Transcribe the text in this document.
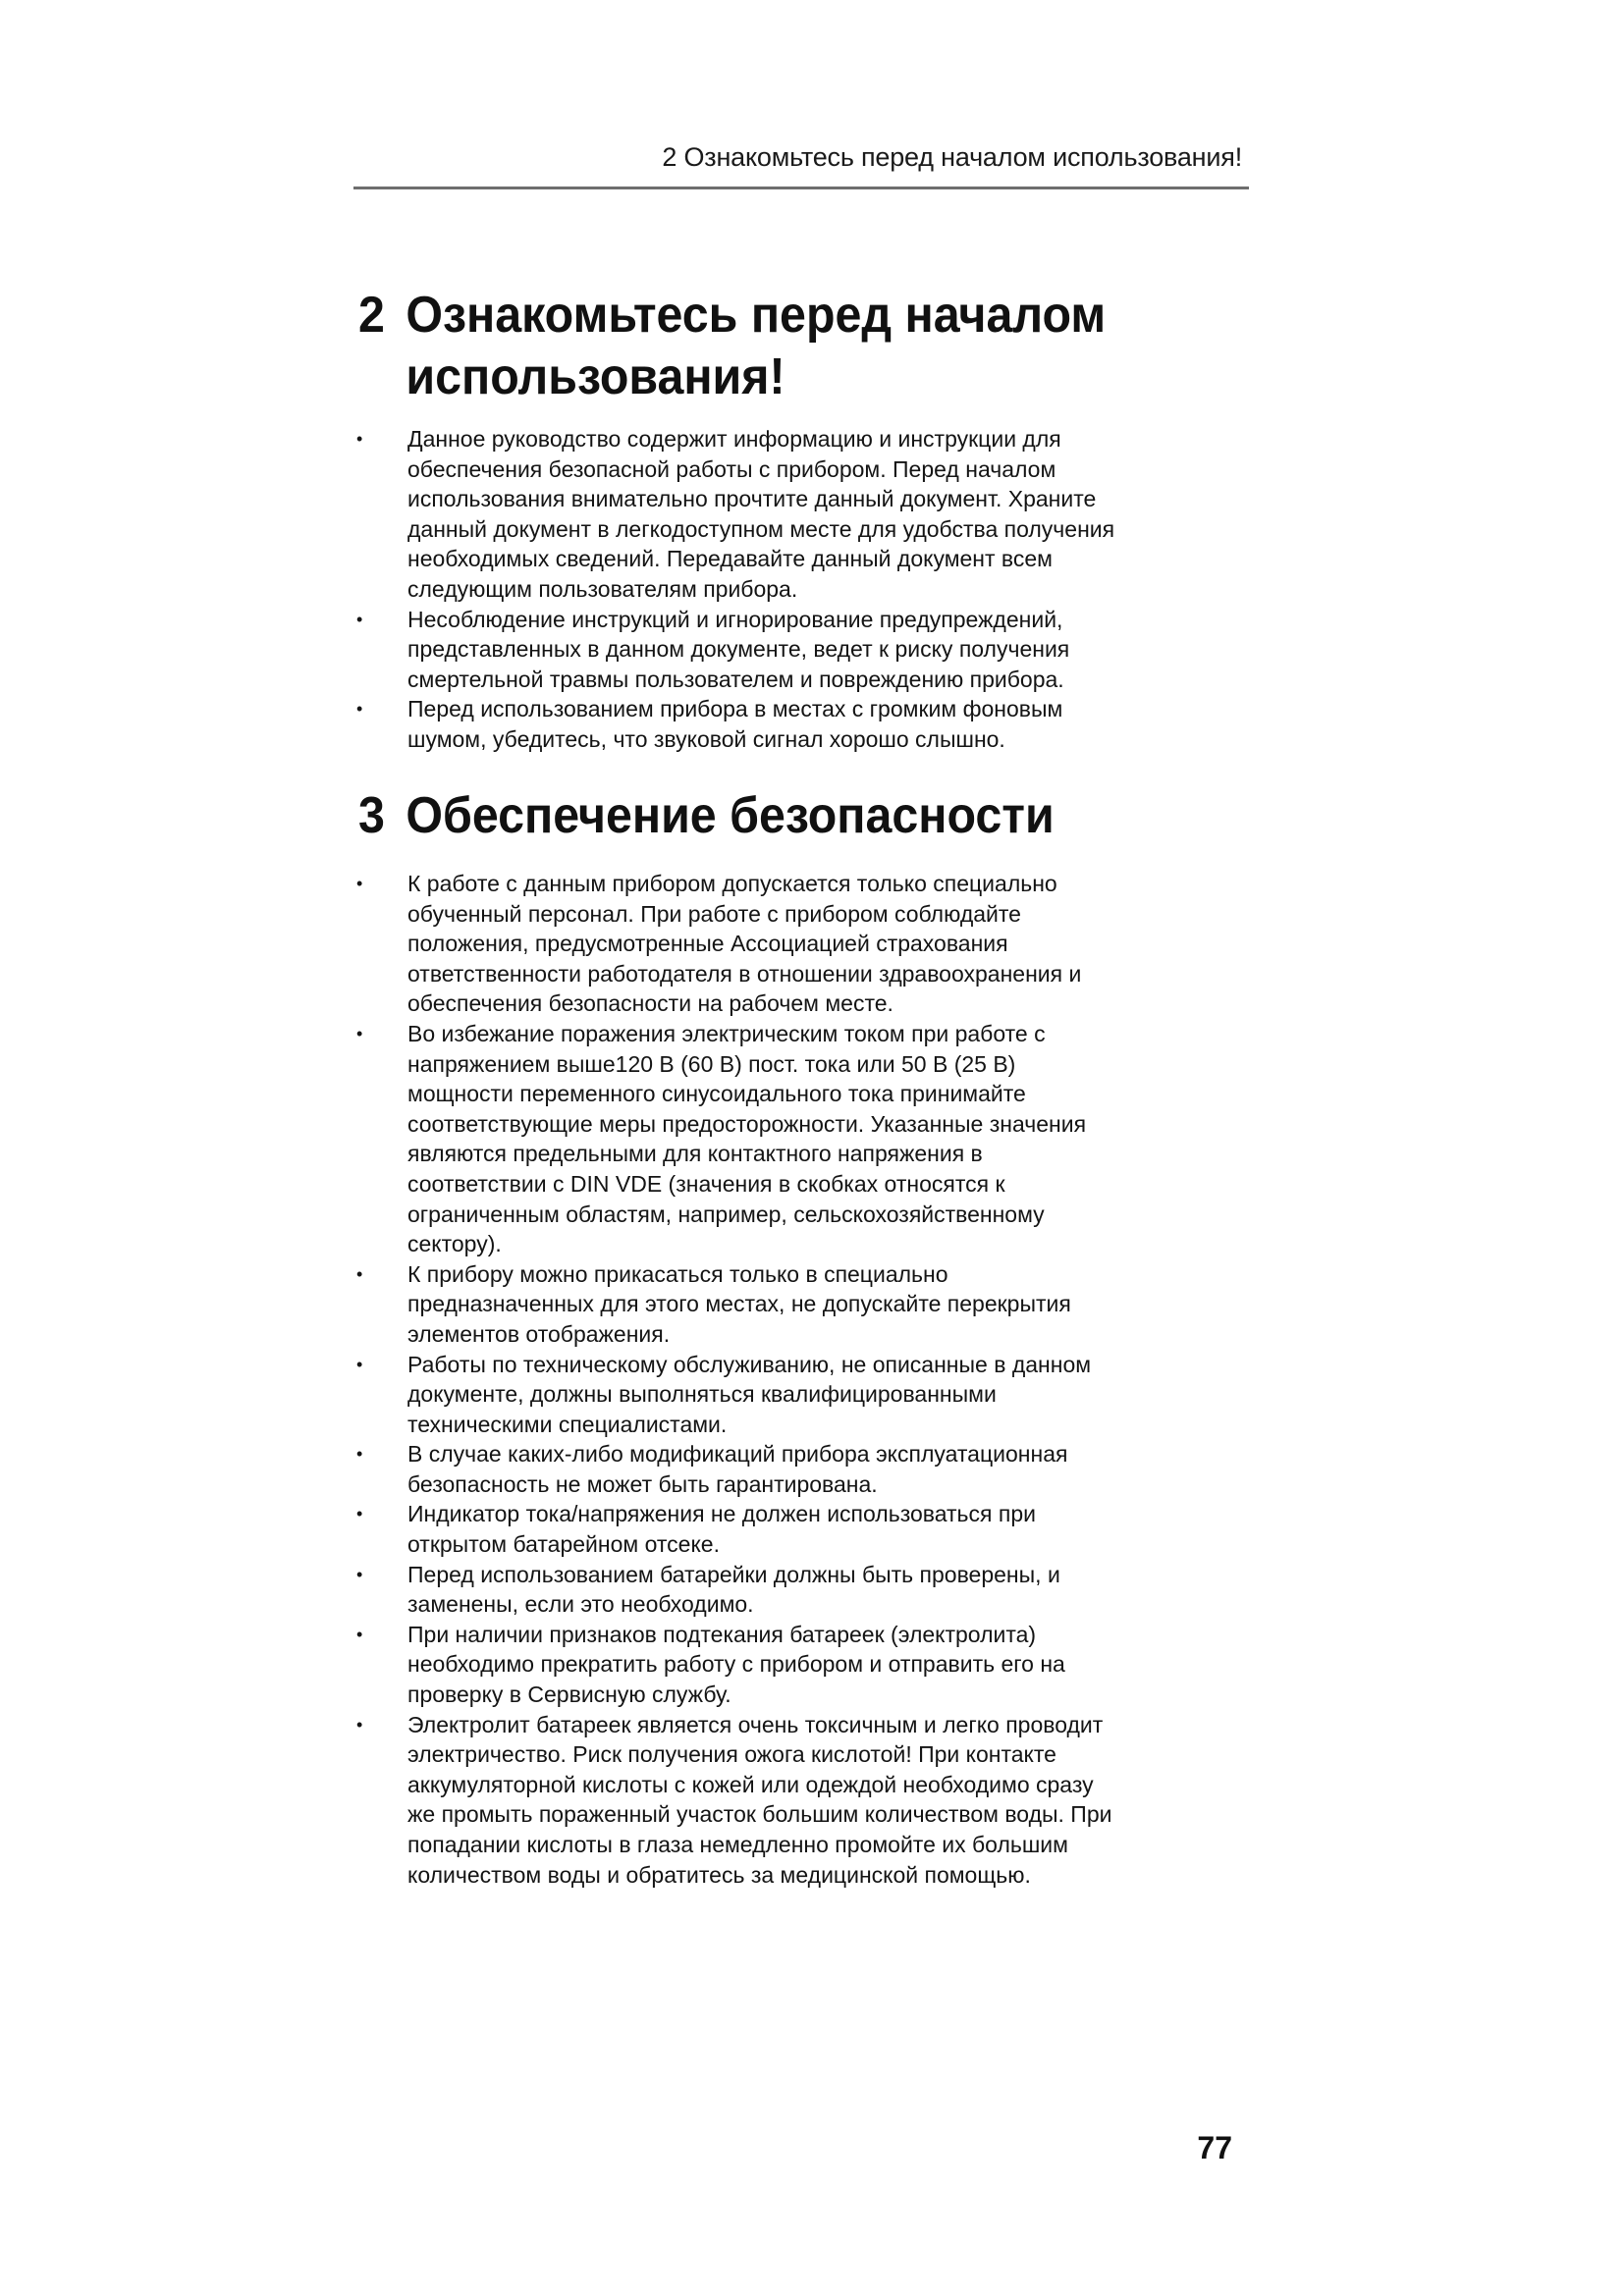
2 Ознакомьтесь перед началом использования!
2 Ознакомьтесь перед началом
использования!
• Данное руководство содержит информацию и инструкции для
обеспечения безопасной работы с прибором. Перед началом
использования внимательно прочтите данный документ. Храните
данный документ в легкодоступном месте для удобства получения
необходимых сведений. Передавайте данный документ всем
следующим пользователям прибора.
• Несоблюдение инструкций и игнорирование предупреждений,
представленных в данном документе, ведет к риску получения
смертельной травмы пользователем и повреждению прибора.
• Перед использованием прибора в местах с громким фоновым
шумом, убедитесь, что звуковой сигнал хорошо слышно.
3 Обеспечение безопасности
• К работе с данным прибором допускается только специально
обученный персонал. При работе с прибором соблюдайте
положения, предусмотренные Ассоциацией страхования
ответственности работодателя в отношении здравоохранения и
обеспечения безопасности на рабочем месте.
• Во избежание поражения электрическим током при работе с
напряжением выше120 В (60 В) пост. тока или 50 В (25 В)
мощности переменного синусоидального тока принимайте
соответствующие меры предосторожности. Указанные значения
являются предельными для контактного напряжения в
соответствии с DIN VDE (значения в скобках относятся к
ограниченным областям, например, сельскохозяйственному
сектору).
• К прибору можно прикасаться только в специально
предназначенных для этого местах, не допускайте перекрытия
элементов отображения.
• Работы по техническому обслуживанию, не описанные в данном
документе, должны выполняться квалифицированными
техническими специалистами.
• В случае каких-либо модификаций прибора эксплуатационная
безопасность не может быть гарантирована.
• Индикатор тока/напряжения не должен использоваться при
открытом батарейном отсеке.
• Перед использованием батарейки должны быть проверены, и
заменены, если это необходимо.
• При наличии признаков подтекания батареек (электролита)
необходимо прекратить работу с прибором и отправить его на
проверку в Сервисную службу.
• Электролит батареек является очень токсичным и легко проводит
электричество. Риск получения ожога кислотой! При контакте
аккумуляторной кислоты с кожей или одеждой необходимо сразу
же промыть пораженный участок большим количеством воды. При
попадании кислоты в глаза немедленно промойте их большим
количеством воды и обратитесь за медицинской помощью.
77
